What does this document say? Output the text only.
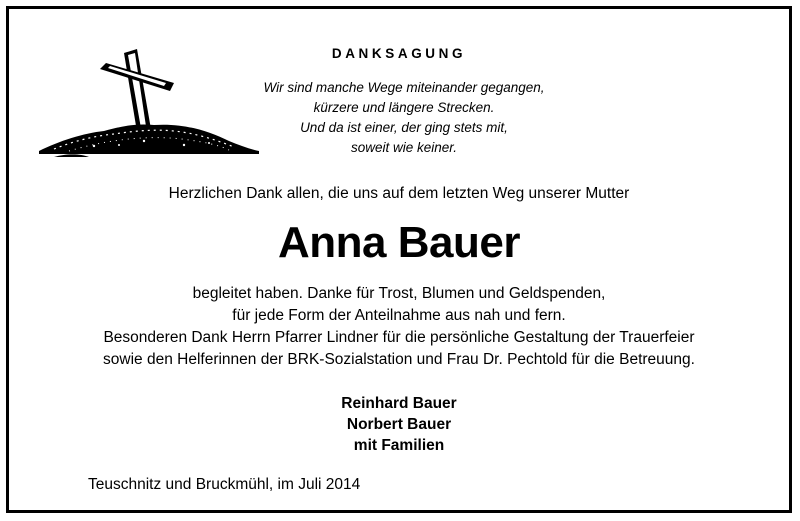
DANKSAGUNG
Wir sind manche Wege miteinander gegangen,
kürzere und längere Strecken.
Und da ist einer, der ging stets mit,
soweit wie keiner.
Herzlichen Dank allen, die uns auf dem letzten Weg unserer Mutter
Anna Bauer
begleitet haben. Danke für Trost, Blumen und Geldspenden,
für jede Form der Anteilnahme aus nah und fern.
Besonderen Dank Herrn Pfarrer Lindner für die persönliche Gestaltung der Trauerfeier
sowie den Helferinnen der BRK-Sozialstation und Frau Dr. Pechtold für die Betreuung.
Reinhard Bauer
Norbert Bauer
mit Familien
Teuschnitz und Bruckmühl, im Juli 2014
